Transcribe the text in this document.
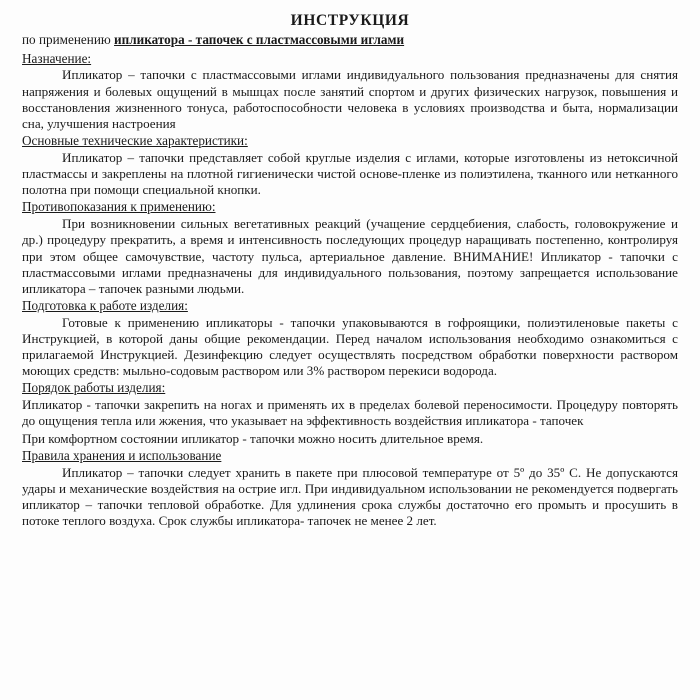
ИНСТРУКЦИЯ
по применению ипликатора - тапочек с пластмассовыми иглами
Назначение:

Ипликатор – тапочки с пластмассовыми иглами индивидуального пользования предназначены для снятия напряжения и болевых ощущений в мышцах после занятий спортом и других физических нагрузок, повышения и восстановления жизненного тонуса, работоспособности человека в условиях производства и быта, нормализации сна, улучшения настроения

Основные технические характеристики:

Ипликатор – тапочки представляет собой круглые изделия с иглами, которые изготовлены из нетоксичной пластмассы и закреплены на плотной гигиенически чистой основе-пленке из полиэтилена, тканного или нетканного полотна при помощи специальной кнопки.

Противопоказания к применению:

При возникновении сильных вегетативных реакций (учащение сердцебиения, слабость, головокружение и др.) процедуру прекратить, а время и интенсивность последующих процедур наращивать постепенно, контролируя при этом общее самочувствие, частоту пульса, артериальное давление. ВНИМАНИЕ! Ипликатор - тапочки с пластмассовыми иглами предназначены для индивидуального пользования, поэтому запрещается использование ипликатора – тапочек разными людьми.

Подготовка к работе изделия:

Готовые к применению ипликаторы - тапочки упаковываются в гофроящики, полиэтиленовые пакеты с Инструкцией, в которой даны общие рекомендации. Перед началом использования необходимо ознакомиться с прилагаемой Инструкцией. Дезинфекцию следует осуществлять посредством обработки поверхности раствором моющих средств: мыльно-содовым раствором или 3% раствором перекиси водорода.

Порядок работы изделия:

Ипликатор - тапочки закрепить на ногах и применять их в пределах болевой переносимости. Процедуру повторять до ощущения тепла или жжения, что указывает на эффективность воздействия ипликатора - тапочек

При комфортном состоянии ипликатор - тапочки можно носить длительное время.

Правила хранения и использование

Ипликатор – тапочки следует хранить в пакете при плюсовой температуре от 5º до 35º С. Не допускаются удары и механические воздействия на острие игл. При индивидуальном использовании не рекомендуется подвергать ипликатор – тапочки тепловой обработке. Для удлинения срока службы достаточно его промыть и просушить в потоке теплого воздуха. Срок службы ипликатора- тапочек не менее 2 лет.
